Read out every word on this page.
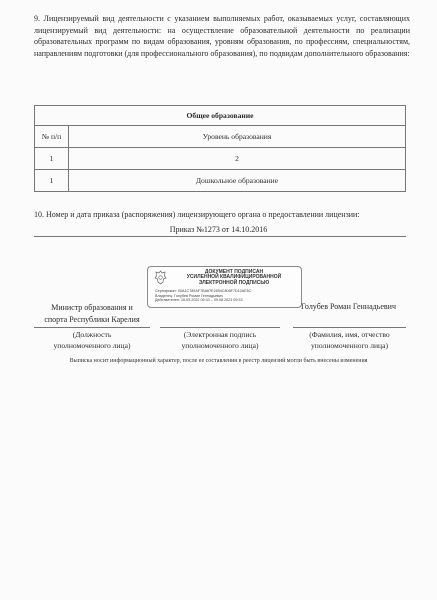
9. Лицензируемый вид деятельности с указанием выполняемых работ, оказываемых услуг, составляющих лицензируемый вид деятельности: на осуществление образовательной деятельности по реализации образовательных программ по видам образования, уровням образования, по профессиям, специальностям, направлениям подготовки (для профессионального образования), по подвидам дополнительного образования:
Общее образование	
№ п/п	Уровень образования
1	2
1	Дошкольное образование
10. Номер и дата приказа (распоряжения) лицензирующего органа о предоставлении лицензии:
Приказ №1273 от 14.10.2016
ДОКУМЕНТ ПОДПИСАН
УСИЛЕННОЙ КВАЛИФИЦИРОВАННОЙ
ЭЛЕКТРОННОЙ ПОДПИСЬЮ
Сертификат: 00A1C789AF7BA67E2894C808F7D12AE5C
Владелец: Голубев Роман Геннадьевич
Действителен: 16.05.2022 09:33 – 09.08.2023 09:33
Министр образования и
спорта Республики Карелия
Голубев Роман Геннадьевич
(Должность
уполномоченного лица)
(Электронная подпись
уполномоченного лица)
(Фамилия, имя, отчество
уполномоченного лица)
Выписка носит информационный характер, после ее составления в реестр лицензий могли быть внесены изменения
